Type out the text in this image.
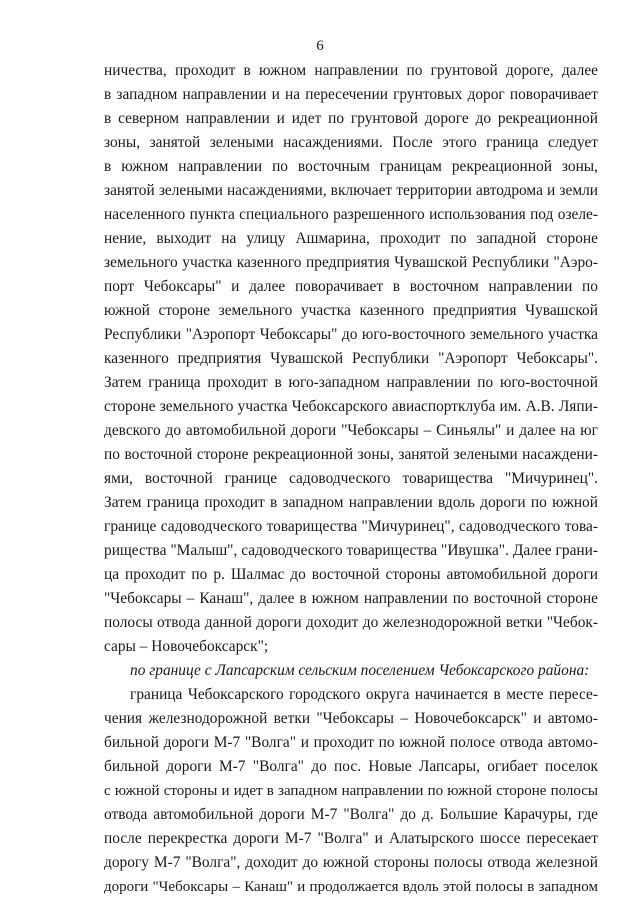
6
ничества, проходит в южном направлении по грунтовой дороге, далее
в западном направлении и на пересечении грунтовых дорог поворачивает
в северном направлении и идет по грунтовой дороге до рекреационной
зоны, занятой зелеными насаждениями. После этого граница следует
в южном направлении по восточным границам рекреационной зоны,
занятой зелеными насаждениями, включает территории автодрома и земли
населенного пункта специального разрешенного использования под озеле-
нение, выходит на улицу Ашмарина, проходит по западной стороне
земельного участка казенного предприятия Чувашской Республики "Аэро-
порт Чебоксары" и далее поворачивает в восточном направлении по
южной стороне земельного участка казенного предприятия Чувашской
Республики "Аэропорт Чебоксары" до юго-восточного земельного участка
казенного предприятия Чувашской Республики "Аэропорт Чебоксары".
Затем граница проходит в юго-западном направлении по юго-восточной
стороне земельного участка Чебоксарского авиаспортклуба им. А.В. Ляпи-
девского до автомобильной дороги "Чебоксары – Синьялы" и далее на юг
по восточной стороне рекреационной зоны, занятой зелеными насаждени-
ями, восточной границе садоводческого товарищества "Мичуринец".
Затем граница проходит в западном направлении вдоль дороги по южной
границе садоводческого товарищества "Мичуринец", садоводческого това-
рищества "Малыш", садоводческого товарищества "Ивушка". Далее грани-
ца проходит по р. Шалмас до восточной стороны автомобильной дороги
"Чебоксары – Канаш", далее в южном направлении по восточной стороне
полосы отвода данной дороги доходит до железнодорожной ветки "Чебок-
сары – Новочебоксарск";
по границе с Лапсарским сельским поселением Чебоксарского района:
граница Чебоксарского городского округа начинается в месте пересе-
чения железнодорожной ветки "Чебоксары – Новочебоксарск" и автомо-
бильной дороги М-7 "Волга" и проходит по южной полосе отвода автомо-
бильной дороги М-7 "Волга" до пос. Новые Лапсары, огибает поселок
с южной стороны и идет в западном направлении по южной стороне полосы
отвода автомобильной дороги М-7 "Волга" до д. Большие Карачуры, где
после перекрестка дороги М-7 "Волга" и Алатырского шоссе пересекает
дорогу М-7 "Волга", доходит до южной стороны полосы отвода железной
дороги "Чебоксары – Канаш" и продолжается вдоль этой полосы в западном
